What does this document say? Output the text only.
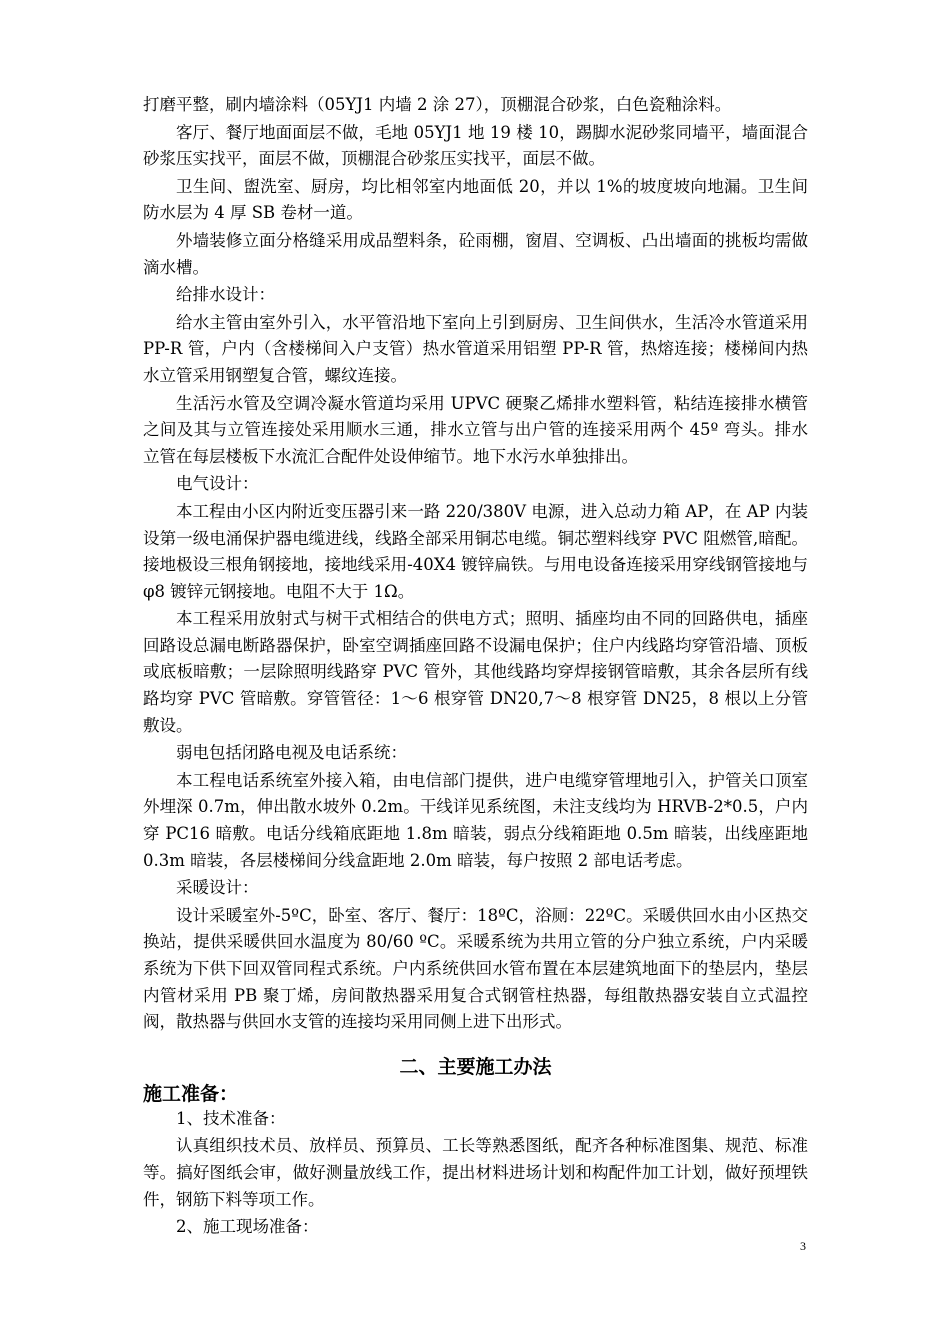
打磨平整，刷内墙涂料（05YJ1 内墙 2 涂 27），顶棚混合砂浆，白色瓷釉涂料。

客厅、餐厅地面面层不做，毛地 05YJ1 地 19 楼 10，踢脚水泥砂浆同墙平，墙面混合砂浆压实找平，面层不做，顶棚混合砂浆压实找平，面层不做。

卫生间、盥洗室、厨房，均比相邻室内地面低 20，并以 1%的坡度坡向地漏。卫生间防水层为 4 厚 SB 卷材一道。

外墙装修立面分格缝采用成品塑料条，砼雨棚，窗眉、空调板、凸出墙面的挑板均需做滴水槽。

给排水设计：

给水主管由室外引入，水平管沿地下室向上引到厨房、卫生间供水，生活冷水管道采用 PP-R 管，户内（含楼梯间入户支管）热水管道采用铝塑 PP-R 管，热熔连接；楼梯间内热水立管采用钢塑复合管，螺纹连接。

生活污水管及空调冷凝水管道均采用 UPVC 硬聚乙烯排水塑料管，粘结连接排水横管之间及其与立管连接处采用顺水三通，排水立管与出户管的连接采用两个 45º 弯头。排水立管在每层楼板下水流汇合配件处设伸缩节。地下水污水单独排出。

电气设计：

本工程由小区内附近变压器引来一路 220/380V 电源，进入总动力箱 AP，在 AP 内装设第一级电涌保护器电缆进线，线路全部采用铜芯电缆。铜芯塑料线穿 PVC 阻燃管,暗配。接地极设三根角钢接地，接地线采用-40X4 镀锌扁铁。与用电设备连接采用穿线钢管接地与 φ8 镀锌元钢接地。电阻不大于 1Ω。

本工程采用放射式与树干式相结合的供电方式；照明、插座均由不同的回路供电，插座回路设总漏电断路器保护，卧室空调插座回路不设漏电保护；住户内线路均穿管沿墙、顶板或底板暗敷；一层除照明线路穿 PVC 管外，其他线路均穿焊接钢管暗敷，其余各层所有线路均穿 PVC 管暗敷。穿管管径：1～6 根穿管 DN20,7～8 根穿管 DN25，8 根以上分管敷设。

弱电包括闭路电视及电话系统：

本工程电话系统室外接入箱，由电信部门提供，进户电缆穿管埋地引入，护管关口顶室外埋深 0.7m，伸出散水坡外 0.2m。干线详见系统图，未注支线均为 HRVB-2*0.5，户内穿 PC16 暗敷。电话分线箱底距地 1.8m 暗装，弱点分线箱距地 0.5m 暗装，出线座距地 0.3m 暗装，各层楼梯间分线盒距地 2.0m 暗装，每户按照 2 部电话考虑。

采暖设计：

设计采暖室外-5ºC，卧室、客厅、餐厅：18ºC，浴厕：22ºC。采暖供回水由小区热交换站，提供采暖供回水温度为 80/60 ºC。采暖系统为共用立管的分户独立系统，户内采暖系统为下供下回双管同程式系统。户内系统供回水管布置在本层建筑地面下的垫层内，垫层内管材采用 PB 聚丁烯，房间散热器采用复合式钢管柱热器，每组散热器安装自立式温控阀，散热器与供回水支管的连接均采用同侧上进下出形式。

二、主要施工办法
施工准备：

1、技术准备：

认真组织技术员、放样员、预算员、工长等熟悉图纸，配齐各种标准图集、规范、标准等。搞好图纸会审，做好测量放线工作，提出材料进场计划和构配件加工计划，做好预埋铁件，钢筋下料等项工作。

2、施工现场准备：

3
